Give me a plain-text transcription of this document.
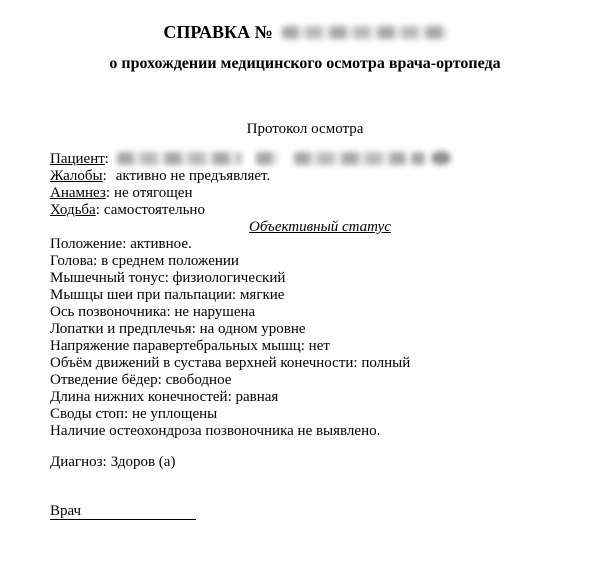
СПРАВКА №
о прохождении медицинского осмотра врача-ортопеда
Протокол осмотра
Пациент:
Жалобы: активно не предъявляет.
Анамнез: не отягощен
Ходьба: самостоятельно
Объективный статус
Положение: активное.
Голова: в среднем положении
Мышечный тонус: физиологический
Мышцы шеи при пальпации: мягкие
Ось позвоночника: не нарушена
Лопатки и предплечья: на одном уровне
Напряжение паравертебральных мышц: нет
Объём движений в сустава верхней конечности: полный
Отведение бёдер: свободное
Длина нижних конечностей: равная
Своды стоп: не уплощены
Наличие остеохондроза позвоночника не выявлено.
Диагноз: Здоров (а)
Врач
